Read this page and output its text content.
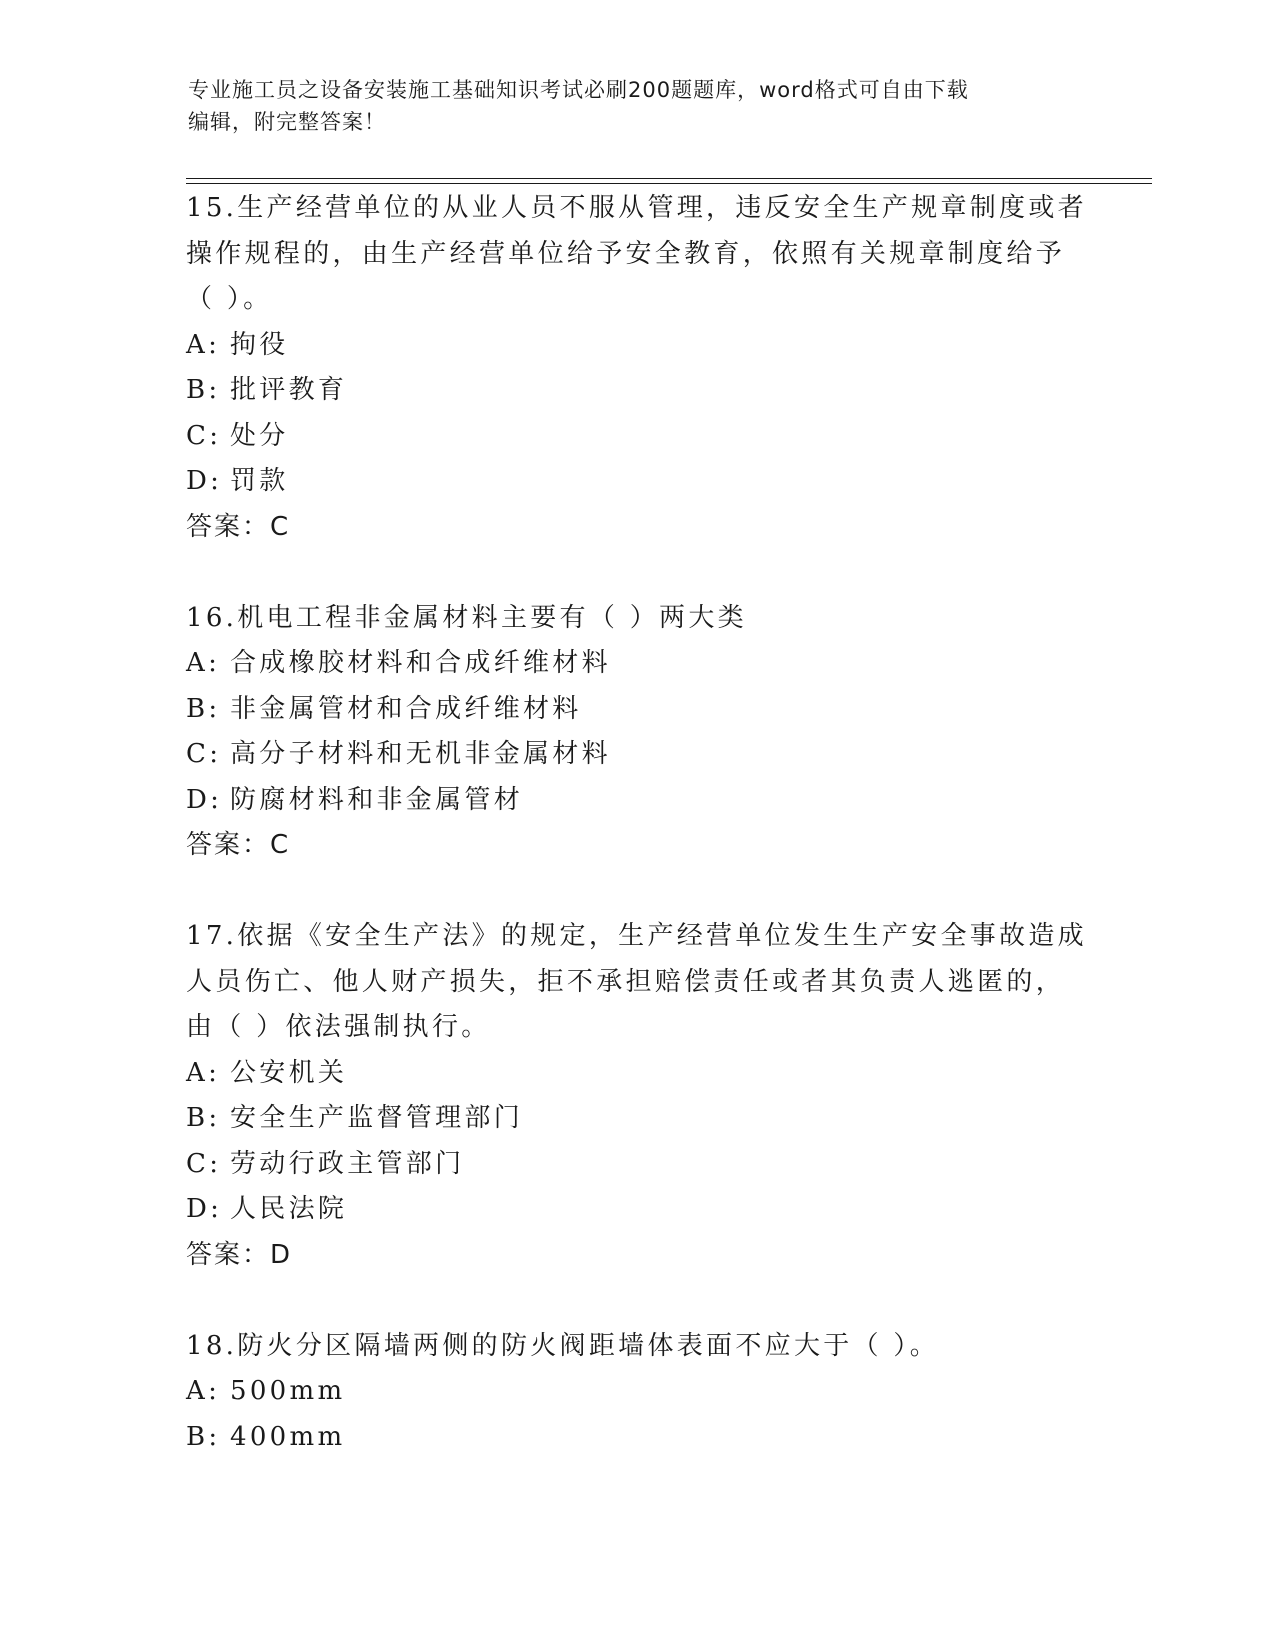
专业施工员之设备安装施工基础知识考试必刷200题题库，word格式可自由下载
编辑，附完整答案！
15.生产经营单位的从业人员不服从管理，违反安全生产规章制度或者
操作规程的，由生产经营单位给予安全教育，依照有关规章制度给予
（ ）。
A: 拘役
B: 批评教育
C: 处分
D: 罚款
答案：C
16.机电工程非金属材料主要有（ ）两大类
A: 合成橡胶材料和合成纤维材料
B: 非金属管材和合成纤维材料
C: 高分子材料和无机非金属材料
D: 防腐材料和非金属管材
答案：C
17.依据《安全生产法》的规定，生产经营单位发生生产安全事故造成
人员伤亡、他人财产损失，拒不承担赔偿责任或者其负责人逃匿的，
由（ ）依法强制执行。
A: 公安机关
B: 安全生产监督管理部门
C: 劳动行政主管部门
D: 人民法院
答案：D
18.防火分区隔墙两侧的防火阀距墙体表面不应大于（ ）。
A: 500mm
B: 400mm
